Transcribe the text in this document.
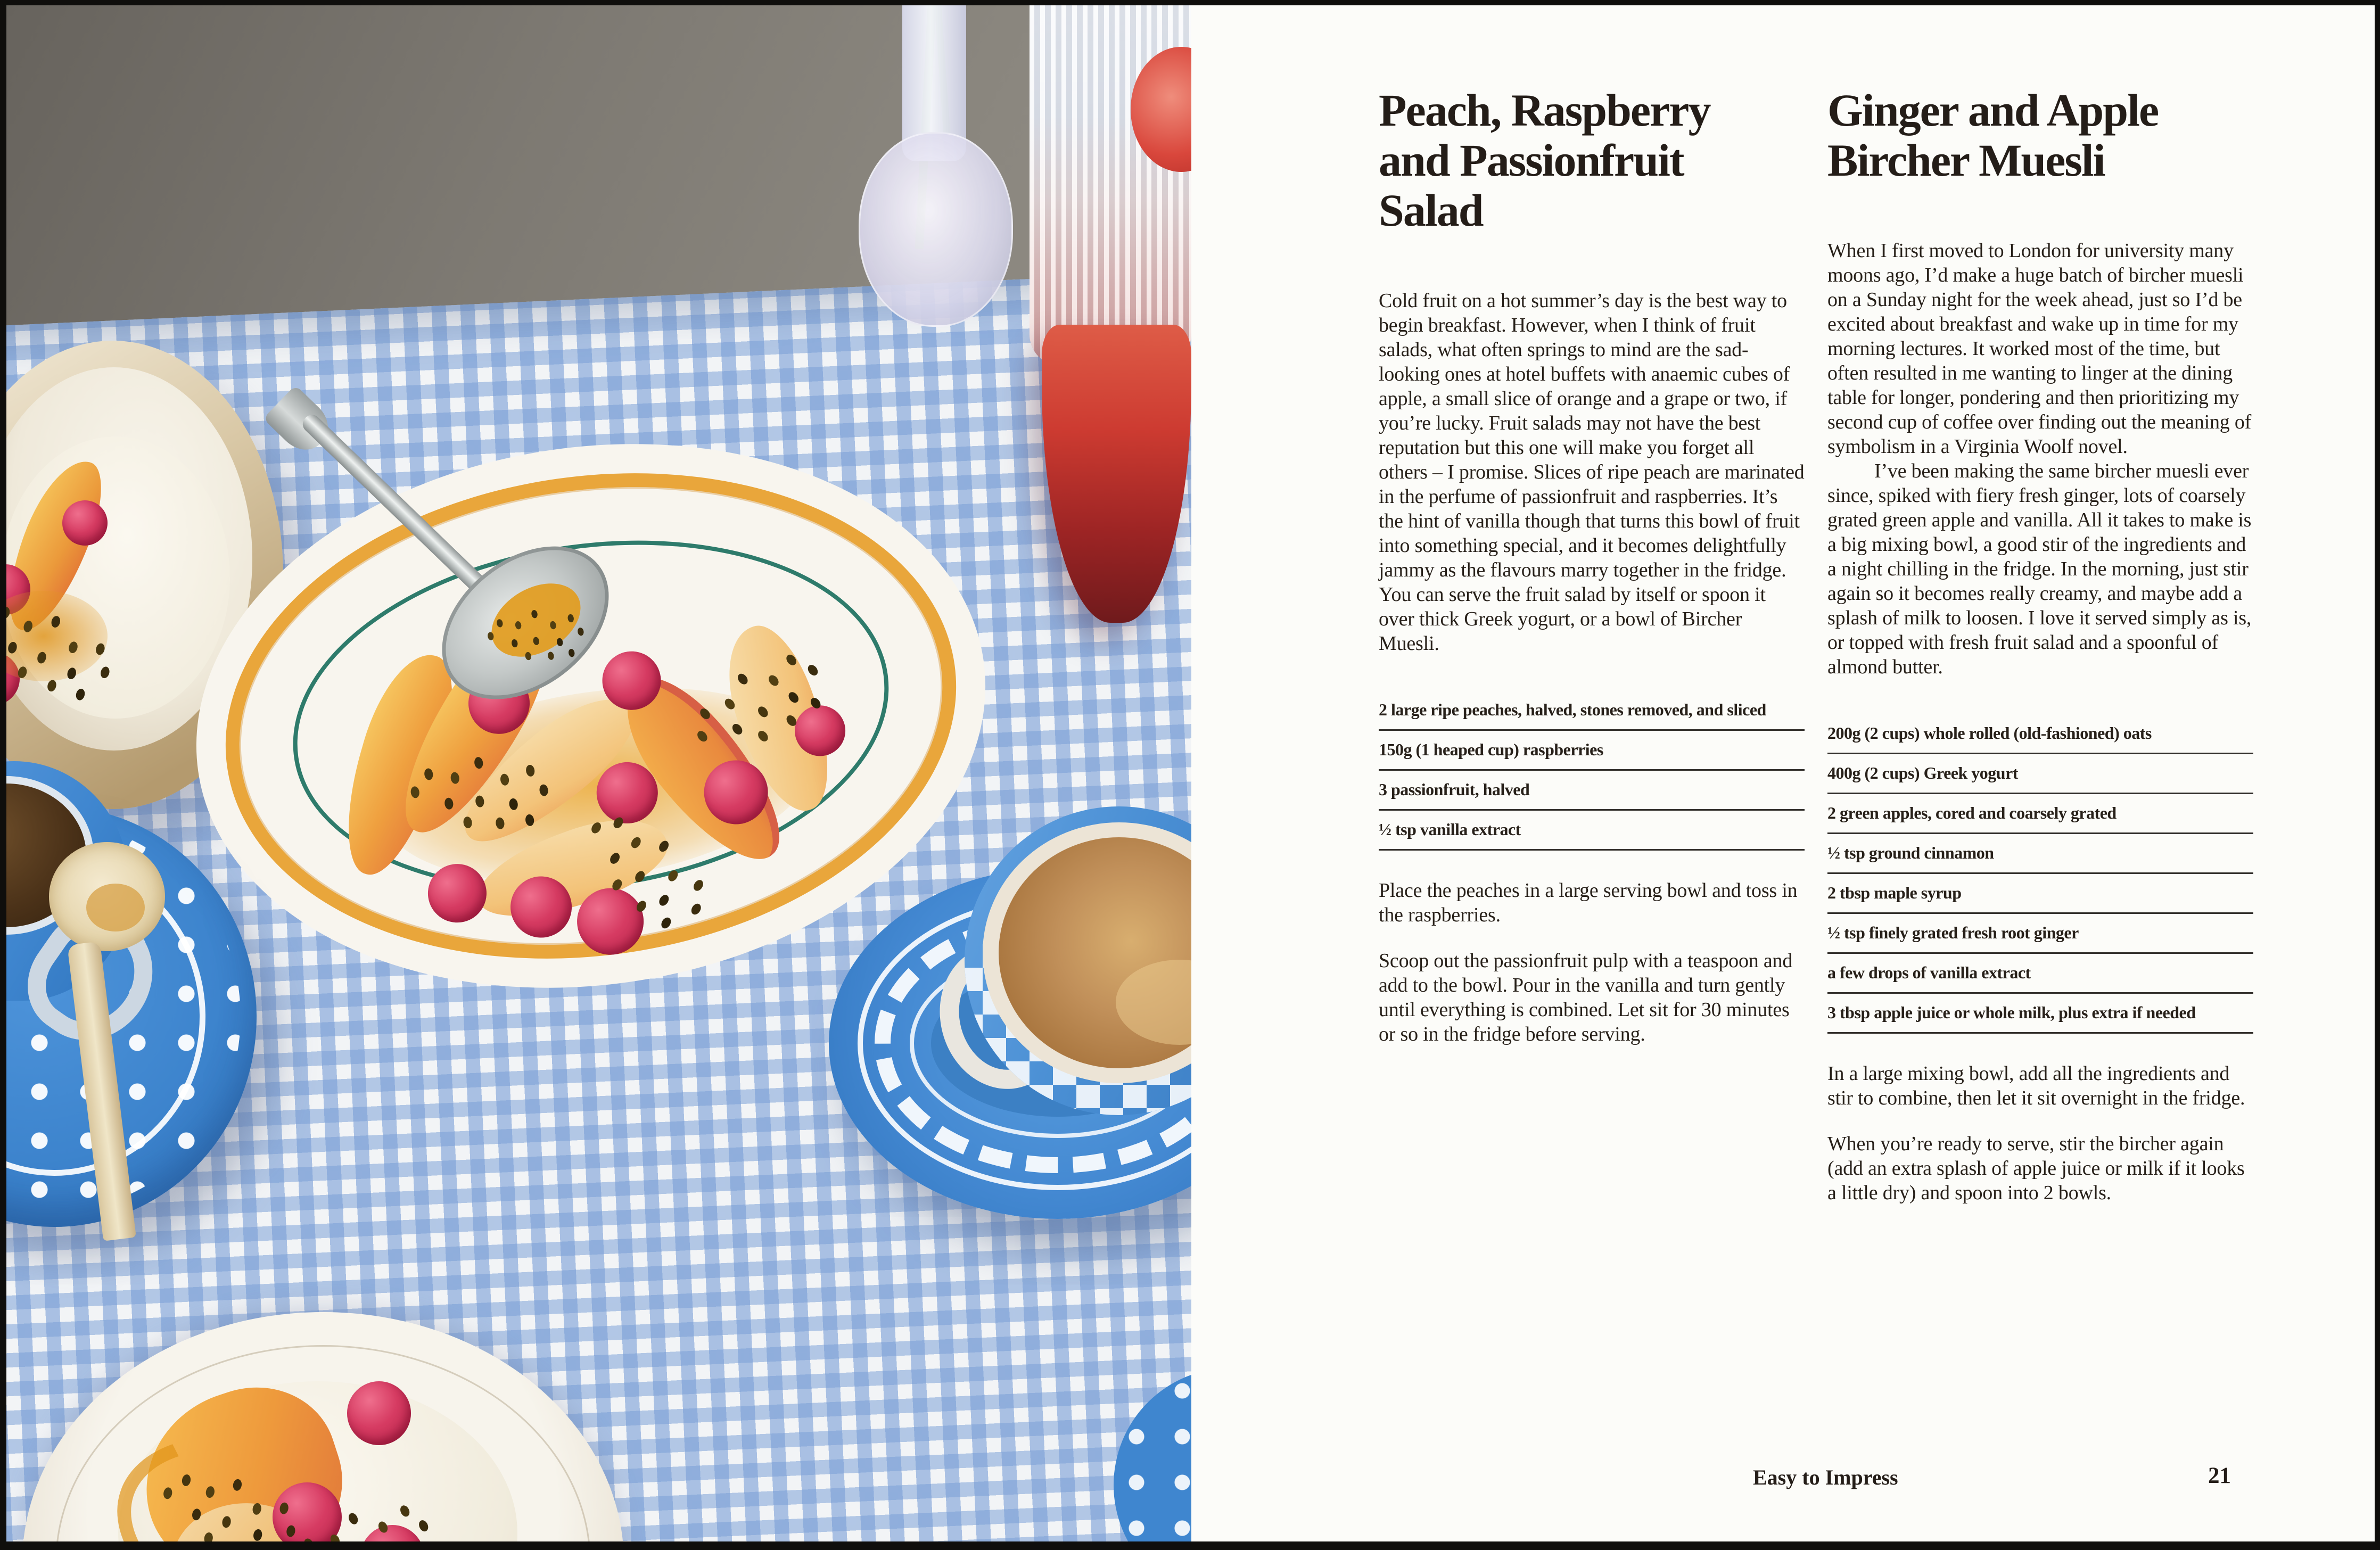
Peach, Raspberry
and Passionfruit
Salad

Cold fruit on a hot summer’s day is the best way to begin breakfast. However, when I think of fruit salads, what often springs to mind are the sad-looking ones at hotel buffets with anaemic cubes of apple, a small slice of orange and a grape or two, if you’re lucky. Fruit salads may not have the best reputation but this one will make you forget all others – I promise. Slices of ripe peach are marinated in the perfume of passionfruit and raspberries. It’s the hint of vanilla though that turns this bowl of fruit into something special, and it becomes delightfully jammy as the flavours marry together in the fridge. You can serve the fruit salad by itself or spoon it over thick Greek yogurt, or a bowl of Bircher Muesli.

2 large ripe peaches, halved, stones removed, and sliced
150g (1 heaped cup) raspberries
3 passionfruit, halved
½ tsp vanilla extract

Place the peaches in a large serving bowl and toss in the raspberries.

Scoop out the passionfruit pulp with a teaspoon and add to the bowl. Pour in the vanilla and turn gently until everything is combined. Let sit for 30 minutes or so in the fridge before serving.

Ginger and Apple
Bircher Muesli

When I first moved to London for university many moons ago, I’d make a huge batch of bircher muesli on a Sunday night for the week ahead, just so I’d be excited about breakfast and wake up in time for my morning lectures. It worked most of the time, but often resulted in me wanting to linger at the dining table for longer, pondering and then prioritizing my second cup of coffee over finding out the meaning of symbolism in a Virginia Woolf novel.

I’ve been making the same bircher muesli ever since, spiked with fiery fresh ginger, lots of coarsely grated green apple and vanilla. All it takes to make is a big mixing bowl, a good stir of the ingredients and a night chilling in the fridge. In the morning, just stir again so it becomes really creamy, and maybe add a splash of milk to loosen. I love it served simply as is, or topped with fresh fruit salad and a spoonful of almond butter.

200g (2 cups) whole rolled (old-fashioned) oats
400g (2 cups) Greek yogurt
2 green apples, cored and coarsely grated
½ tsp ground cinnamon
2 tbsp maple syrup
½ tsp finely grated fresh root ginger
a few drops of vanilla extract
3 tbsp apple juice or whole milk, plus extra if needed

In a large mixing bowl, add all the ingredients and stir to combine, then let it sit overnight in the fridge.

When you’re ready to serve, stir the bircher again (add an extra splash of apple juice or milk if it looks a little dry) and spoon into 2 bowls.

Easy to Impress	21
